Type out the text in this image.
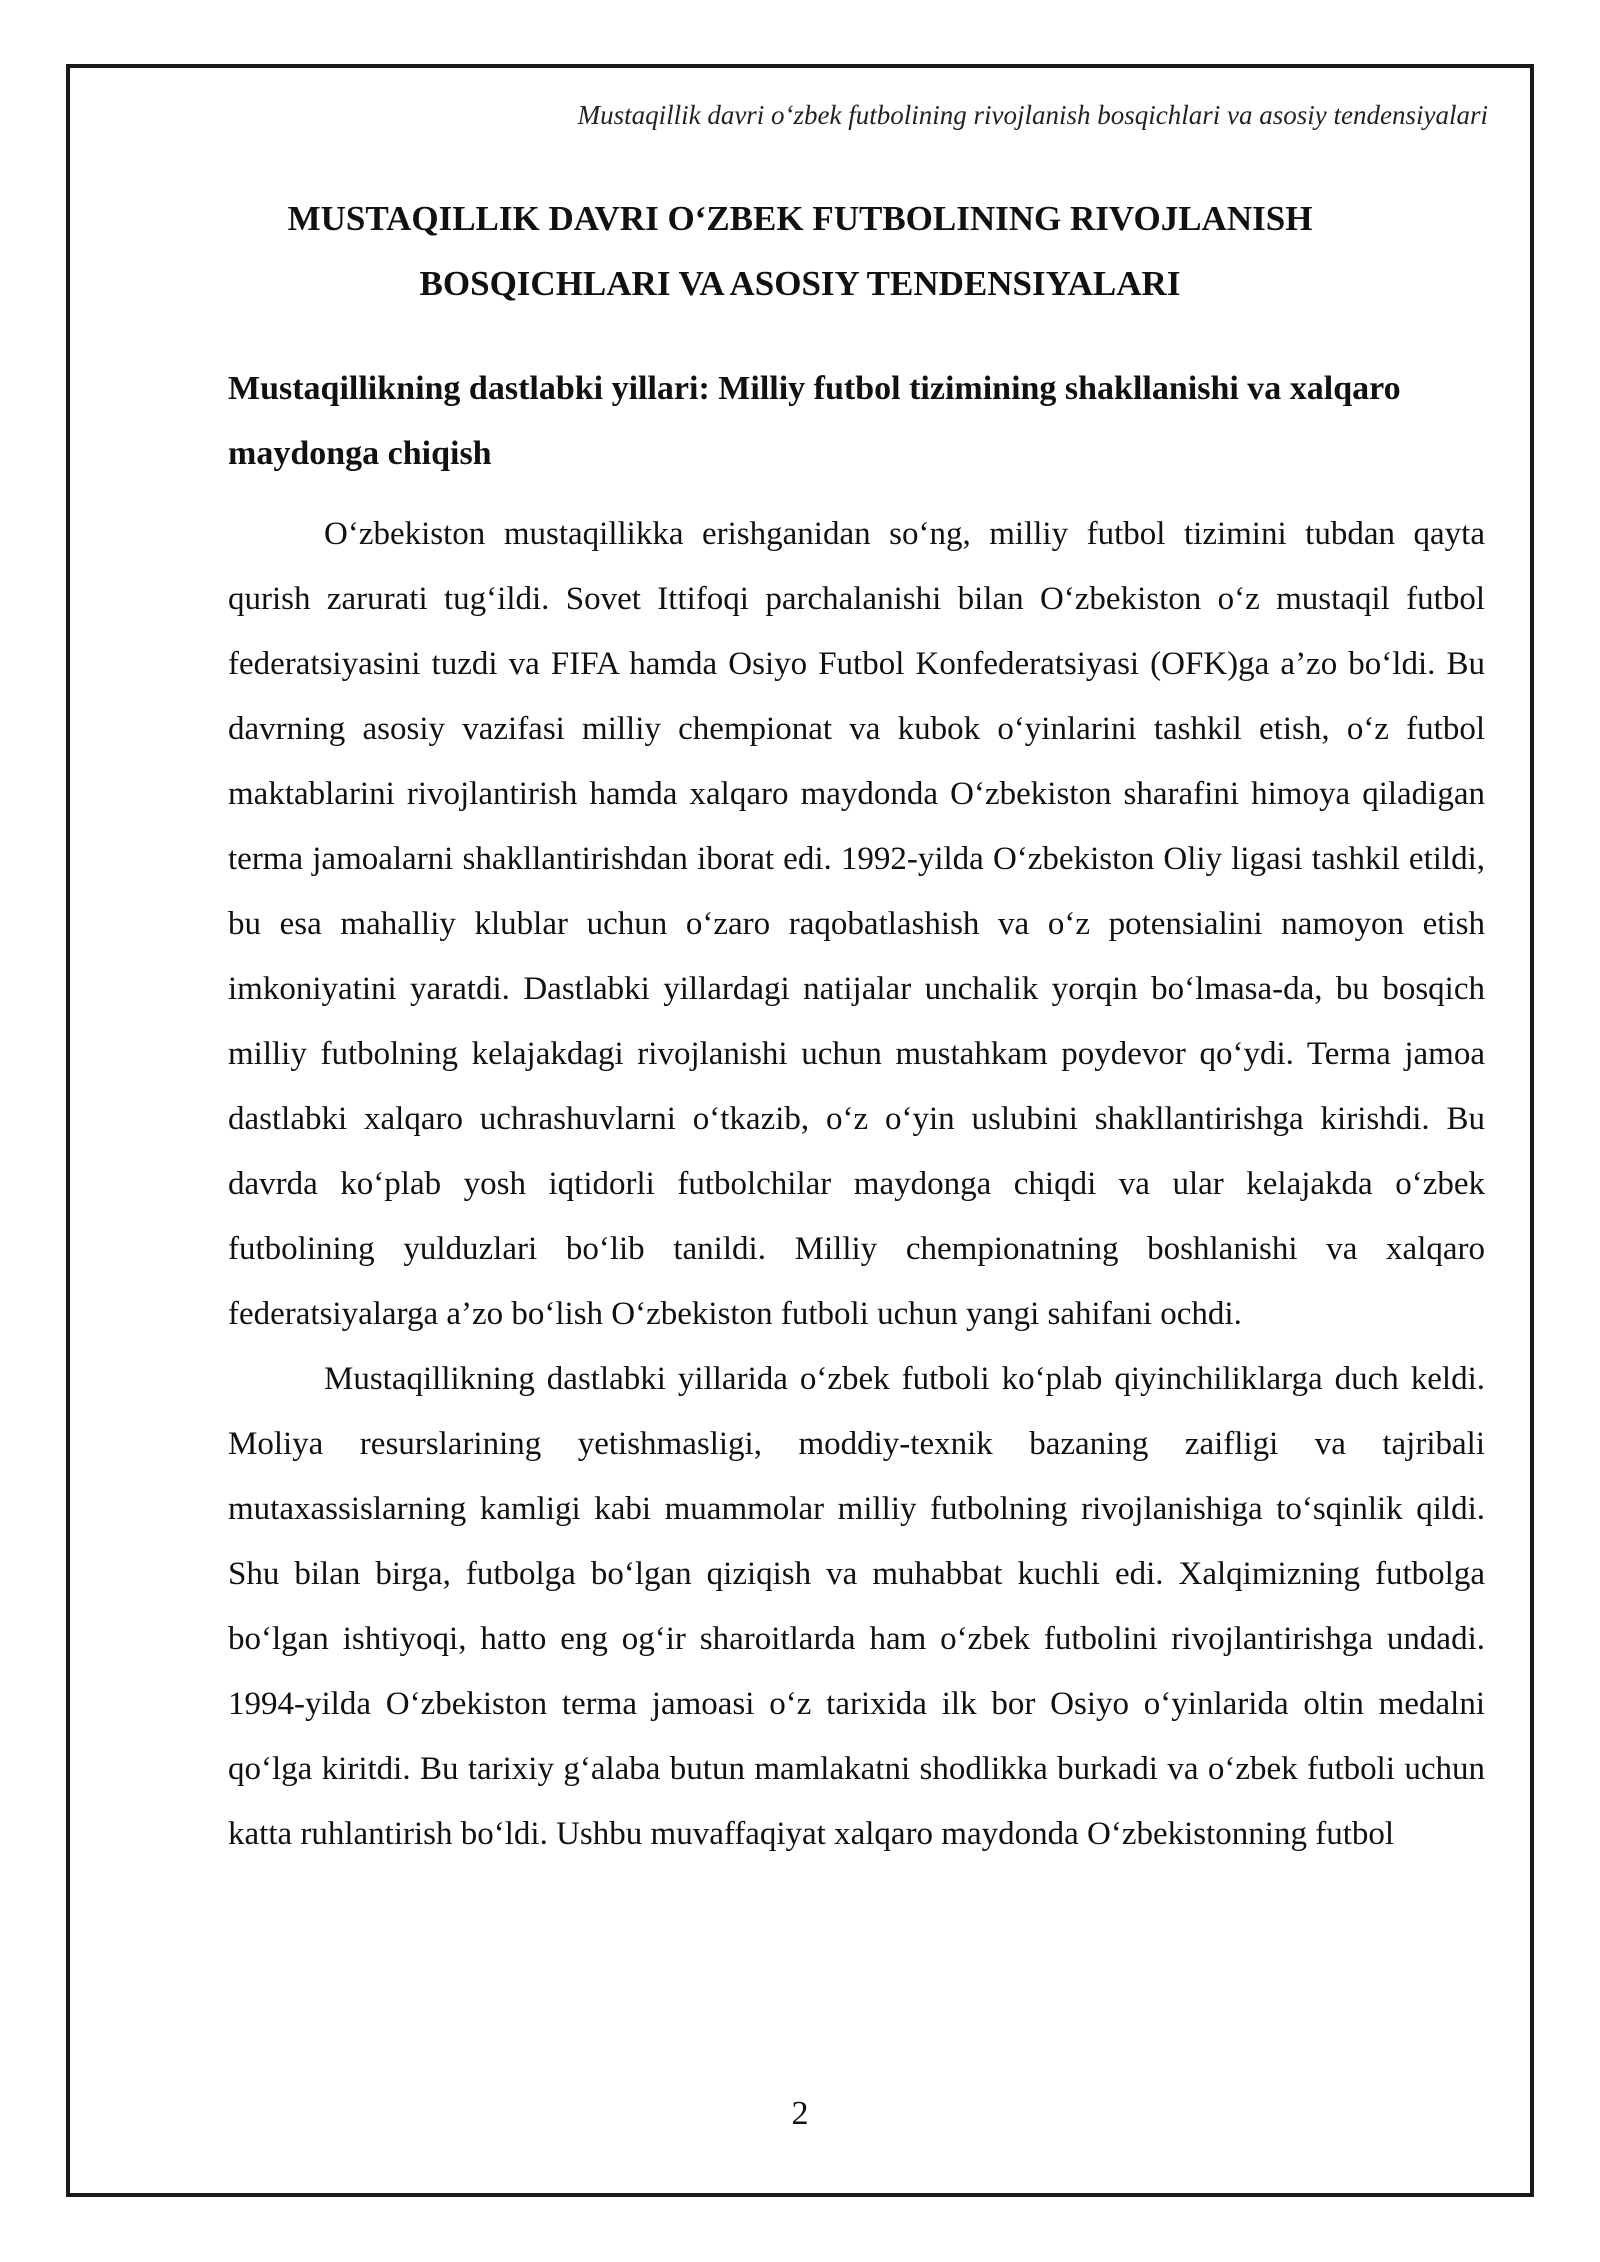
Mustaqillik davri o‘zbek futbolining rivojlanish bosqichlari va asosiy tendensiyalari
MUSTAQILLIK DAVRI O‘ZBEK FUTBOLINING RIVOJLANISH
BOSQICHLARI VA ASOSIY TENDENSIYALARI
Mustaqillikning dastlabki yillari: Milliy futbol tizimining shakllanishi va xalqaro maydonga chiqish

O‘zbekiston mustaqillikka erishganidan so‘ng, milliy futbol tizimini tubdan qayta qurish zarurati tug‘ildi. Sovet Ittifoqi parchalanishi bilan O‘zbekiston o‘z mustaqil futbol federatsiyasini tuzdi va FIFA hamda Osiyo Futbol Konfederatsiyasi (OFK)ga a’zo bo‘ldi. Bu davrning asosiy vazifasi milliy chempionat va kubok o‘yinlarini tashkil etish, o‘z futbol maktablarini rivojlantirish hamda xalqaro maydonda O‘zbekiston sharafini himoya qiladigan terma jamoalarni shakllantirishdan iborat edi. 1992-yilda O‘zbekiston Oliy ligasi tashkil etildi, bu esa mahalliy klublar uchun o‘zaro raqobatlashish va o‘z potensialini namoyon etish imkoniyatini yaratdi. Dastlabki yillardagi natijalar unchalik yorqin bo‘lmasa-da, bu bosqich milliy futbolning kelajakdagi rivojlanishi uchun mustahkam poydevor qo‘ydi. Terma jamoa dastlabki xalqaro uchrashuvlarni o‘tkazib, o‘z o‘yin uslubini shakllantirishga kirishdi. Bu davrda ko‘plab yosh iqtidorli futbolchilar maydonga chiqdi va ular kelajakda o‘zbek futbolining yulduzlari bo‘lib tanildi. Milliy chempionatning boshlanishi va xalqaro federatsiyalarga a’zo bo‘lish O‘zbekiston futboli uchun yangi sahifani ochdi.

Mustaqillikning dastlabki yillarida o‘zbek futboli ko‘plab qiyinchiliklarga duch keldi. Moliya resurslarining yetishmasligi, moddiy-texnik bazaning zaifligi va tajribali mutaxassislarning kamligi kabi muammolar milliy futbolning rivojlanishiga to‘sqinlik qildi. Shu bilan birga, futbolga bo‘lgan qiziqish va muhabbat kuchli edi. Xalqimizning futbolga bo‘lgan ishtiyoqi, hatto eng og‘ir sharoitlarda ham o‘zbek futbolini rivojlantirishga undadi. 1994-yilda O‘zbekiston terma jamoasi o‘z tarixida ilk bor Osiyo o‘yinlarida oltin medalni qo‘lga kiritdi. Bu tarixiy g‘alaba butun mamlakatni shodlikka burkadi va o‘zbek futboli uchun katta ruhlantirish bo‘ldi. Ushbu muvaffaqiyat xalqaro maydonda O‘zbekistonning futbol

2
